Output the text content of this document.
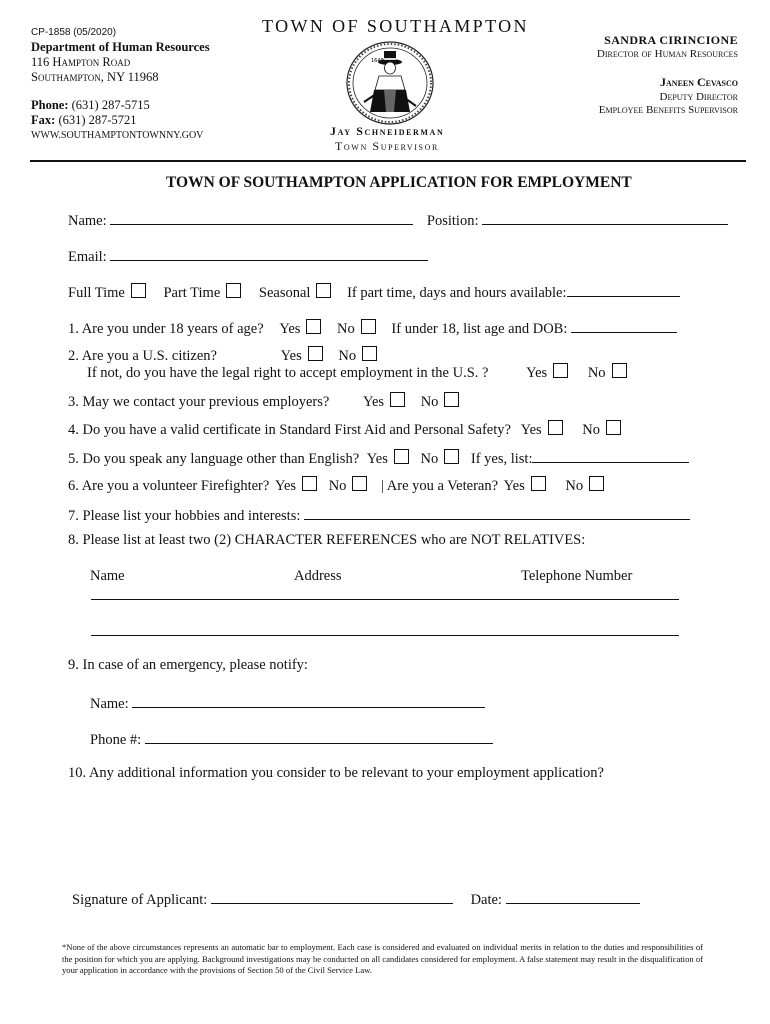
CP-1858 (05/2020)
Department of Human Resources
116 Hampton Road
Southampton, NY 11968
Phone: (631) 287-5715
Fax: (631) 287-5721
WWW.SOUTHAMPTONTOWNNY.GOV
TOWN OF SOUTHAMPTON
1640
Jay Schneiderman
Town Supervisor
SANDRA CIRINCIONE
Director of Human Resources
Janeen Cevasco
Deputy Director
Employee Benefits Supervisor
TOWN OF SOUTHAMPTON APPLICATION FOR EMPLOYMENT
Name:	Position:
Email:
Full Time	Part Time	Seasonal	If part time, days and hours available:
1. Are you under 18 years of age? Yes	No	If under 18, list age and DOB:
2. Are you a U.S. citizen?	Yes	No
If not, do you have the legal right to accept employment in the U.S. ?	Yes	No
3. May we contact your previous employers? Yes	No
4. Do you have a valid certificate in Standard First Aid and Personal Safety? Yes	No
5. Do you speak any language other than English? Yes No If yes, list:
6. Are you a volunteer Firefighter? Yes No | Are you a Veteran? Yes	No
7. Please list your hobbies and interests:
8. Please list at least two (2) CHARACTER REFERENCES who are NOT RELATIVES:
Name	Address	Telephone Number
9. In case of an emergency, please notify:
Name:
Phone #:
10. Any additional information you consider to be relevant to your employment application?
Signature of Applicant:	Date:
*None of the above circumstances represents an automatic bar to employment. Each case is considered and evaluated on individual merits in relation to the duties and responsibilities of the position for which you are applying. Background investigations may be conducted on all candidates considered for employment. A false statement may result in the disqualification of your application in accordance with the provisions of Section 50 of the Civil Service Law.
